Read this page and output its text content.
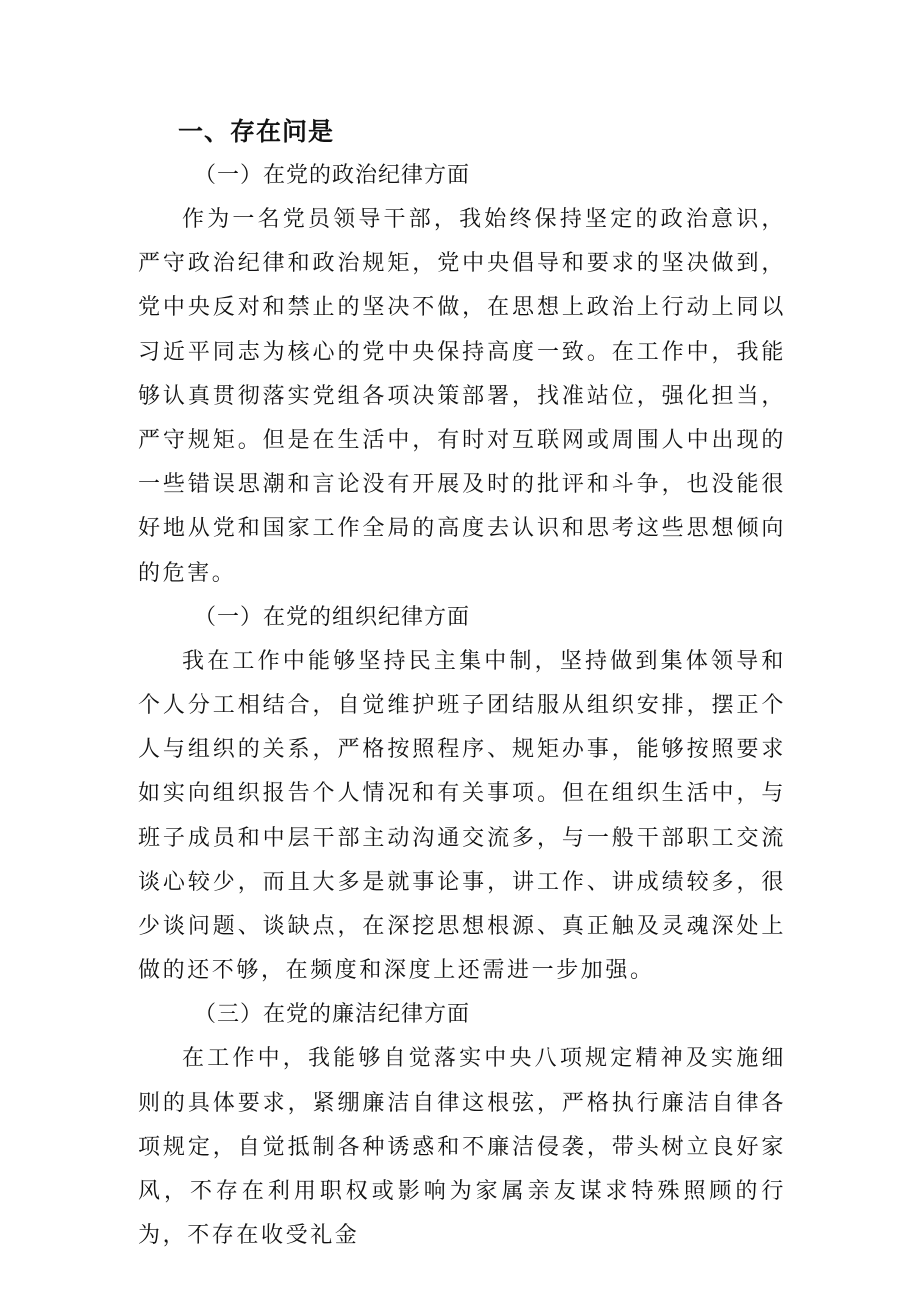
一、存在问是
（一）在党的政治纪律方面

作为一名党员领导干部，我始终保持坚定的政治意识，严守政治纪律和政治规矩，党中央倡导和要求的坚决做到，党中央反对和禁止的坚决不做，在思想上政治上行动上同以习近平同志为核心的党中央保持高度一致。在工作中，我能够认真贯彻落实党组各项决策部署，找准站位，强化担当，严守规矩。但是在生活中，有时对互联网或周围人中出现的一些错误思潮和言论没有开展及时的批评和斗争，也没能很好地从党和国家工作全局的高度去认识和思考这些思想倾向的危害。

（一）在党的组织纪律方面

我在工作中能够坚持民主集中制，坚持做到集体领导和个人分工相结合，自觉维护班子团结服从组织安排，摆正个人与组织的关系，严格按照程序、规矩办事，能够按照要求如实向组织报告个人情况和有关事项。但在组织生活中，与班子成员和中层干部主动沟通交流多，与一般干部职工交流谈心较少，而且大多是就事论事，讲工作、讲成绩较多，很少谈问题、谈缺点，在深挖思想根源、真正触及灵魂深处上做的还不够，在频度和深度上还需进一步加强。

（三）在党的廉洁纪律方面

在工作中，我能够自觉落实中央八项规定精神及实施细则的具体要求，紧绷廉洁自律这根弦，严格执行廉洁自律各项规定，自觉抵制各种诱惑和不廉洁侵袭，带头树立良好家风，不存在利用职权或影响为家属亲友谋求特殊照顾的行为，不存在收受礼金
